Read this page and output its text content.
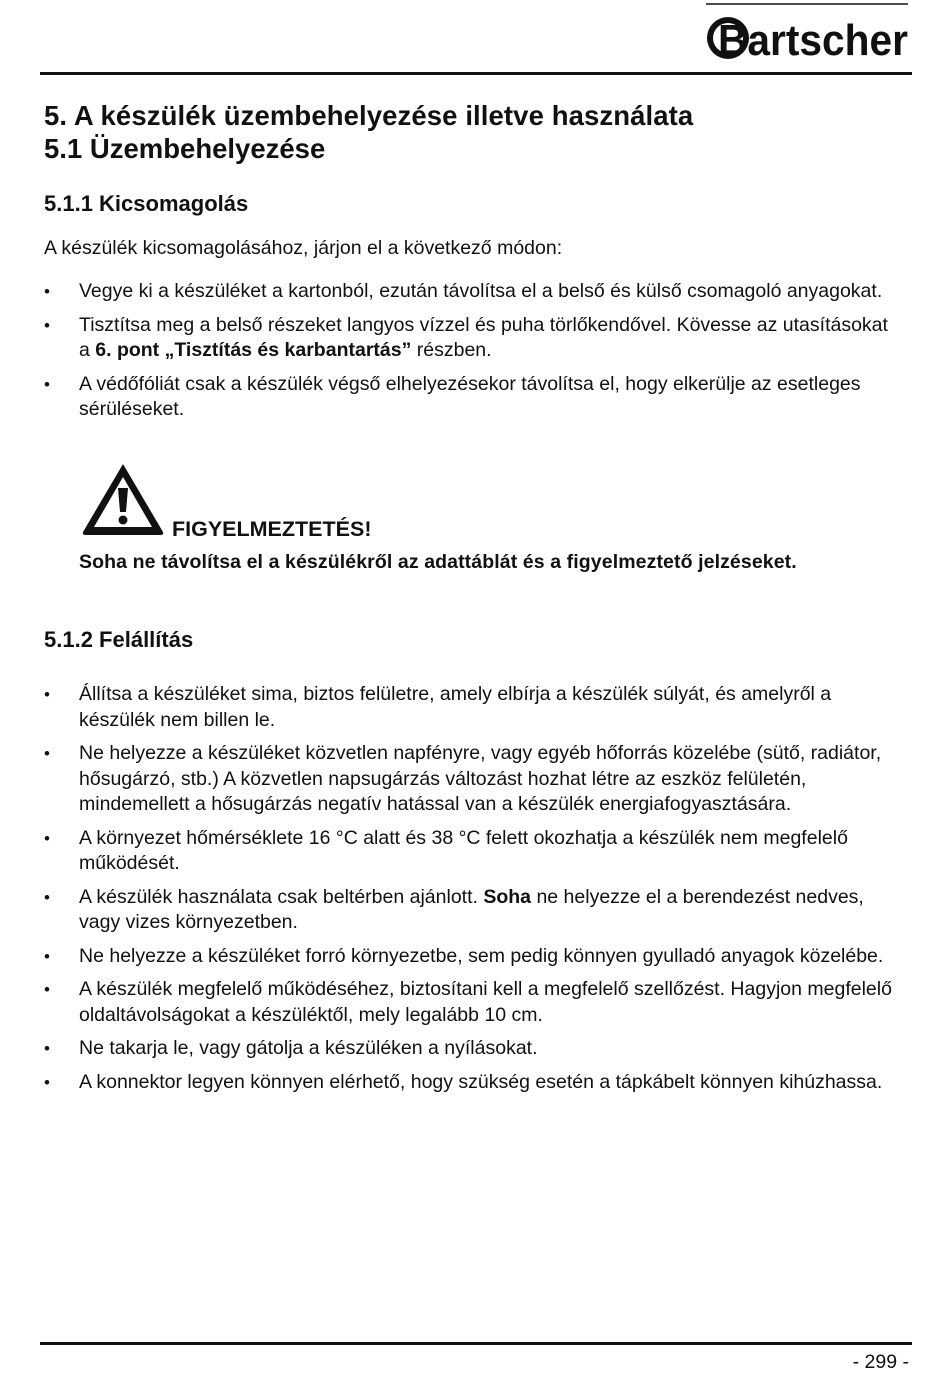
Bartscher
5. A készülék üzembehelyezése illetve használata
5.1 Üzembehelyezése
5.1.1 Kicsomagolás
A készülék kicsomagolásához, járjon el a következő módon:
• Vegye ki a készüléket a kartonból, ezután távolítsa el a belső és külső csomagoló anyagokat.
• Tisztítsa meg a belső részeket langyos vízzel és puha törlőkendővel. Kövesse az utasításokat a 6. pont „Tisztítás és karbantartás” részben.
• A védőfóliát csak a készülék végső elhelyezésekor távolítsa el, hogy elkerülje az esetleges sérüléseket.
FIGYELMEZTETÉS!
Soha ne távolítsa el a készülékről az adattáblát és a figyelmeztető jelzéseket.
5.1.2 Felállítás
• Állítsa a készüléket sima, biztos felületre, amely elbírja a készülék súlyát, és amelyről a készülék nem billen le.
• Ne helyezze a készüléket közvetlen napfényre, vagy egyéb hőforrás közelébe (sütő, radiátor, hősugárzó, stb.) A közvetlen napsugárzás változást hozhat létre az eszköz felületén, mindemellett a hősugárzás negatív hatással van a készülék energiafogyasztására.
• A környezet hőmérséklete 16 °C alatt és 38 °C felett okozhatja a készülék nem megfelelő működését.
• A készülék használata csak beltérben ajánlott. Soha ne helyezze el a berendezést nedves, vagy vizes környezetben.
• Ne helyezze a készüléket forró környezetbe, sem pedig könnyen gyulladó anyagok közelébe.
• A készülék megfelelő működéséhez, biztosítani kell a megfelelő szellőzést. Hagyjon megfelelő oldaltávolságokat a készüléktől, mely legalább 10 cm.
• Ne takarja le, vagy gátolja a készüléken a nyílásokat.
• A konnektor legyen könnyen elérhető, hogy szükség esetén a tápkábelt könnyen kihúzhassa.
- 299 -
